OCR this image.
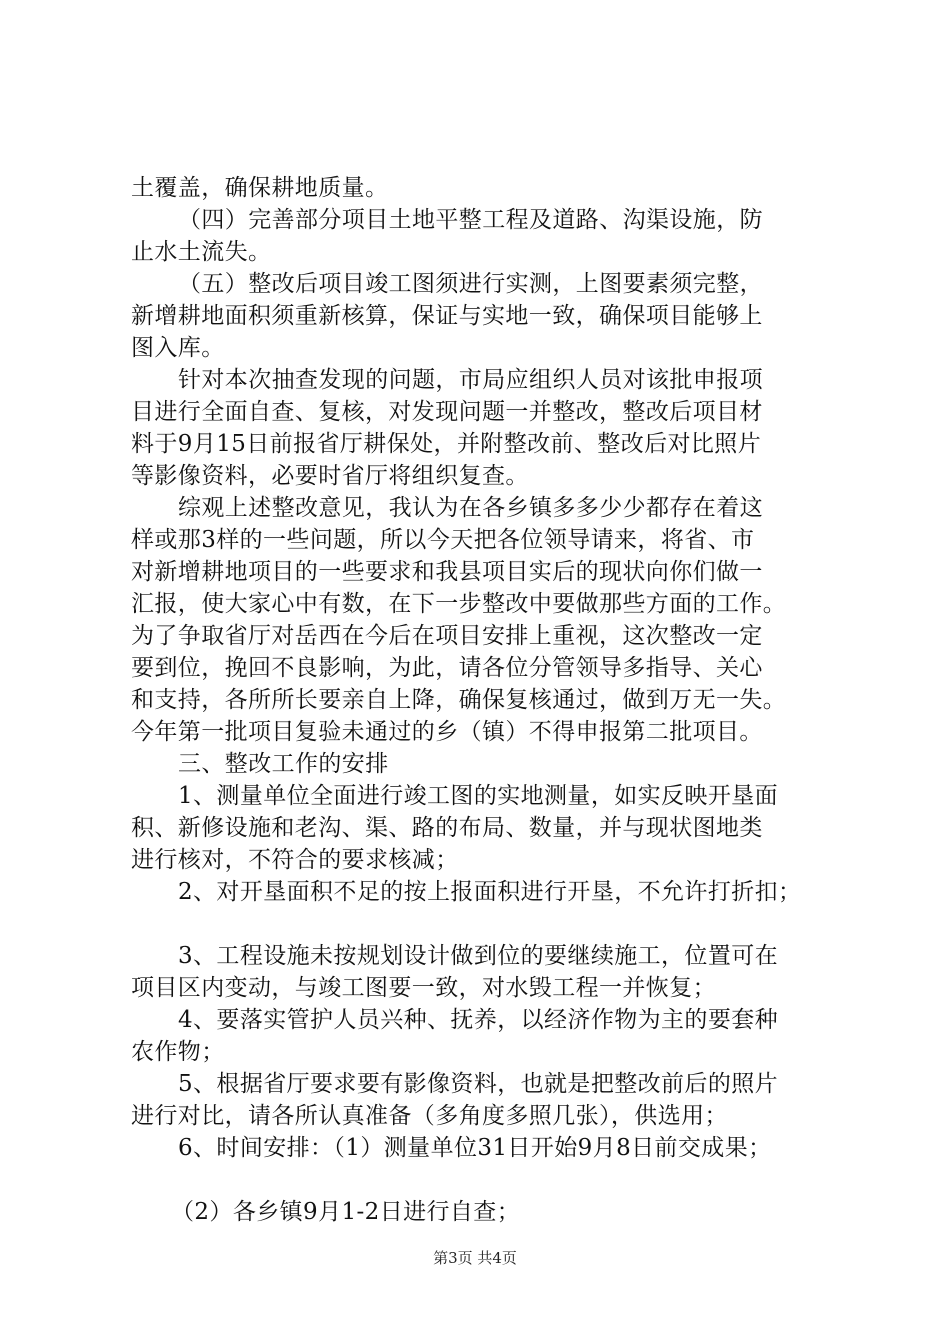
土覆盖，确保耕地质量。
（四）完善部分项目土地平整工程及道路、沟渠设施，防
止水土流失。
（五）整改后项目竣工图须进行实测，上图要素须完整，
新增耕地面积须重新核算，保证与实地一致，确保项目能够上
图入库。
针对本次抽查发现的问题，市局应组织人员对该批申报项
目进行全面自查、复核，对发现问题一并整改，整改后项目材
料于9月15日前报省厅耕保处，并附整改前、整改后对比照片
等影像资料，必要时省厅将组织复查。
综观上述整改意见，我认为在各乡镇多多少少都存在着这
样或那3样的一些问题，所以今天把各位领导请来，将省、市
对新增耕地项目的一些要求和我县项目实后的现状向你们做一
汇报，使大家心中有数，在下一步整改中要做那些方面的工作。
为了争取省厅对岳西在今后在项目安排上重视，这次整改一定
要到位，挽回不良影响，为此，请各位分管领导多指导、关心
和支持，各所所长要亲自上降，确保复核通过，做到万无一失。
今年第一批项目复验未通过的乡（镇）不得申报第二批项目。
三、整改工作的安排
1、测量单位全面进行竣工图的实地测量，如实反映开垦面
积、新修设施和老沟、渠、路的布局、数量，并与现状图地类
进行核对，不符合的要求核减；
2、对开垦面积不足的按上报面积进行开垦，不允许打折扣；
3、工程设施未按规划设计做到位的要继续施工，位置可在
项目区内变动，与竣工图要一致，对水毁工程一并恢复；
4、要落实管护人员兴种、抚养，以经济作物为主的要套种
农作物；
5、根据省厅要求要有影像资料，也就是把整改前后的照片
进行对比，请各所认真准备（多角度多照几张），供选用；
6、时间安排：（1）测量单位31日开始9月8日前交成果；
（2）各乡镇9月1-2日进行自查；
第3页 共4页
